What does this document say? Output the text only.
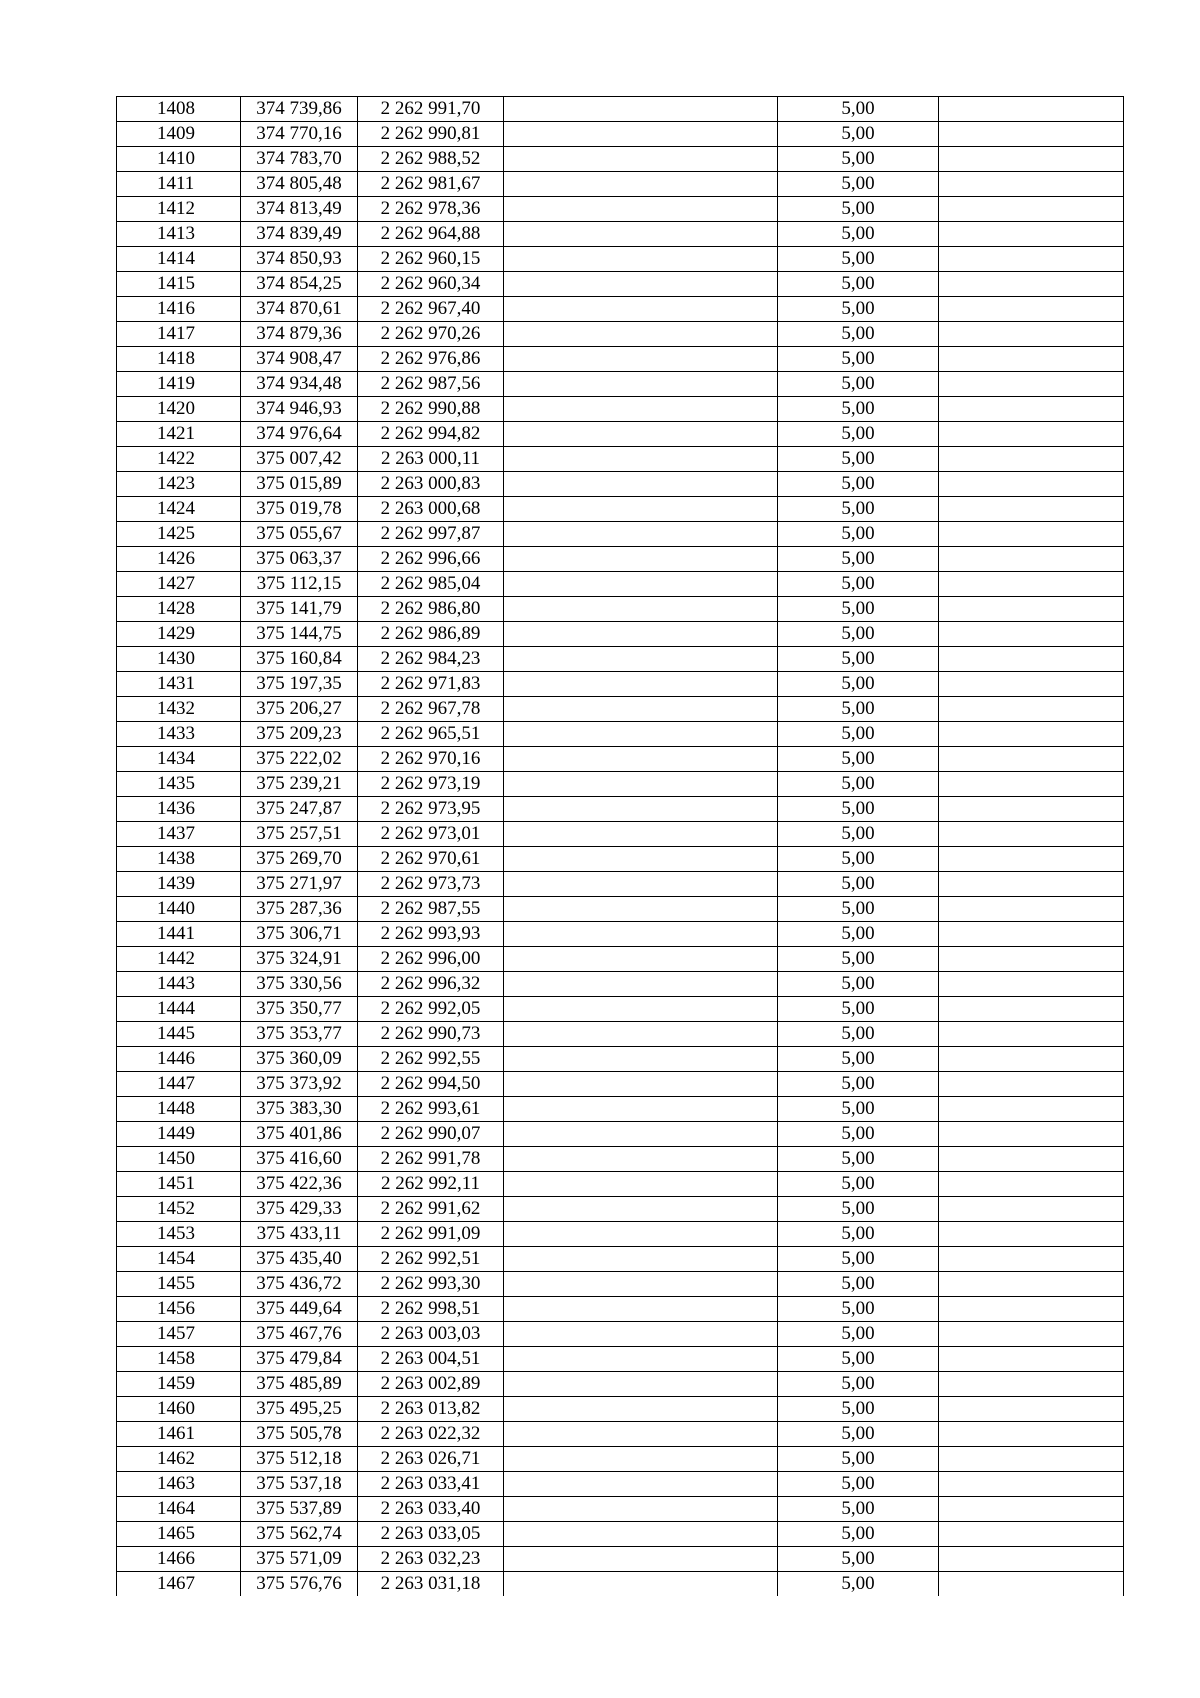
1408	374 739,86	2 262 991,70		5,00	
1409	374 770,16	2 262 990,81		5,00	
1410	374 783,70	2 262 988,52		5,00	
1411	374 805,48	2 262 981,67		5,00	
1412	374 813,49	2 262 978,36		5,00	
1413	374 839,49	2 262 964,88		5,00	
1414	374 850,93	2 262 960,15		5,00	
1415	374 854,25	2 262 960,34		5,00	
1416	374 870,61	2 262 967,40		5,00	
1417	374 879,36	2 262 970,26		5,00	
1418	374 908,47	2 262 976,86		5,00	
1419	374 934,48	2 262 987,56		5,00	
1420	374 946,93	2 262 990,88		5,00	
1421	374 976,64	2 262 994,82		5,00	
1422	375 007,42	2 263 000,11		5,00	
1423	375 015,89	2 263 000,83		5,00	
1424	375 019,78	2 263 000,68		5,00	
1425	375 055,67	2 262 997,87		5,00	
1426	375 063,37	2 262 996,66		5,00	
1427	375 112,15	2 262 985,04		5,00	
1428	375 141,79	2 262 986,80		5,00	
1429	375 144,75	2 262 986,89		5,00	
1430	375 160,84	2 262 984,23		5,00	
1431	375 197,35	2 262 971,83		5,00	
1432	375 206,27	2 262 967,78		5,00	
1433	375 209,23	2 262 965,51		5,00	
1434	375 222,02	2 262 970,16		5,00	
1435	375 239,21	2 262 973,19		5,00	
1436	375 247,87	2 262 973,95		5,00	
1437	375 257,51	2 262 973,01		5,00	
1438	375 269,70	2 262 970,61		5,00	
1439	375 271,97	2 262 973,73		5,00	
1440	375 287,36	2 262 987,55		5,00	
1441	375 306,71	2 262 993,93		5,00	
1442	375 324,91	2 262 996,00		5,00	
1443	375 330,56	2 262 996,32		5,00	
1444	375 350,77	2 262 992,05		5,00	
1445	375 353,77	2 262 990,73		5,00	
1446	375 360,09	2 262 992,55		5,00	
1447	375 373,92	2 262 994,50		5,00	
1448	375 383,30	2 262 993,61		5,00	
1449	375 401,86	2 262 990,07		5,00	
1450	375 416,60	2 262 991,78		5,00	
1451	375 422,36	2 262 992,11		5,00	
1452	375 429,33	2 262 991,62		5,00	
1453	375 433,11	2 262 991,09		5,00	
1454	375 435,40	2 262 992,51		5,00	
1455	375 436,72	2 262 993,30		5,00	
1456	375 449,64	2 262 998,51		5,00	
1457	375 467,76	2 263 003,03		5,00	
1458	375 479,84	2 263 004,51		5,00	
1459	375 485,89	2 263 002,89		5,00	
1460	375 495,25	2 263 013,82		5,00	
1461	375 505,78	2 263 022,32		5,00	
1462	375 512,18	2 263 026,71		5,00	
1463	375 537,18	2 263 033,41		5,00	
1464	375 537,89	2 263 033,40		5,00	
1465	375 562,74	2 263 033,05		5,00	
1466	375 571,09	2 263 032,23		5,00	
1467	375 576,76	2 263 031,18		5,00	
